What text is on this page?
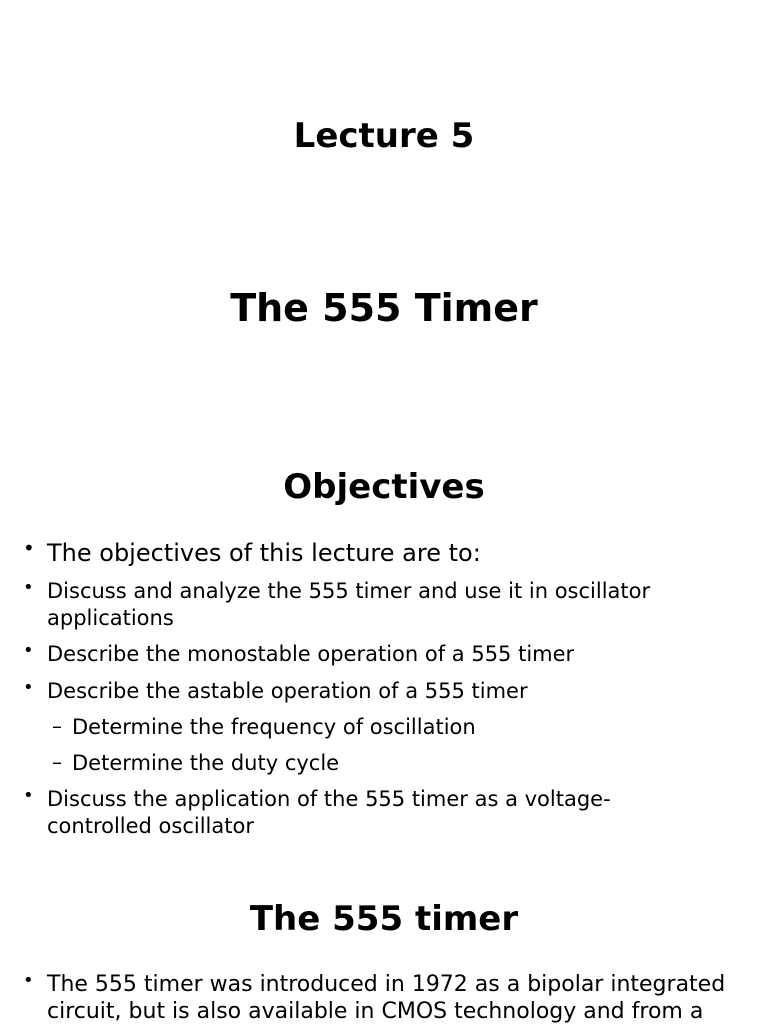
Lecture 5
The 555 Timer
Objectives
• The objectives of this lecture are to:
• Discuss and analyze the 555 timer and use it in oscillator
applications
• Describe the monostable operation of a 555 timer
• Describe the astable operation of a 555 timer
– Determine the frequency of oscillation
– Determine the duty cycle
• Discuss the application of the 555 timer as a voltage-
controlled oscillator
The 555 timer
• The 555 timer was introduced in 1972 as a bipolar integrated
circuit, but is also available in CMOS technology and from a
